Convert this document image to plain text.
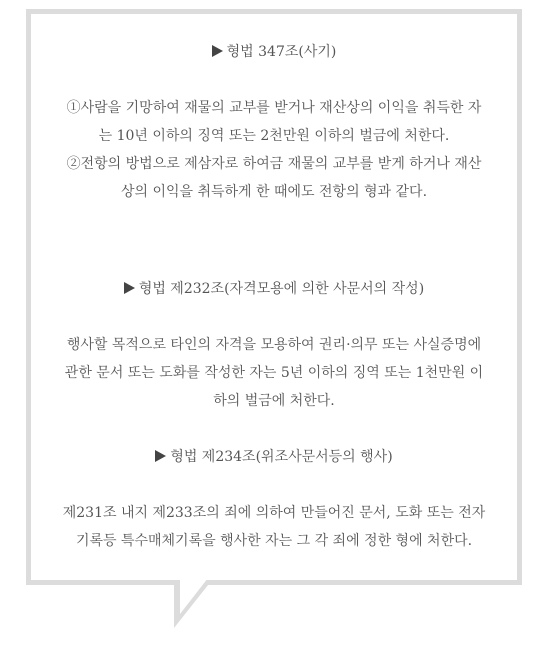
형법 347조(사기)

①사람을 기망하여 재물의 교부를 받거나 재산상의 이익을 취득한 자
는 10년 이하의 징역 또는 2천만원 이하의 벌금에 처한다.
②전항의 방법으로 제삼자로 하여금 재물의 교부를 받게 하거나 재산
상의 이익을 취득하게 한 때에도 전항의 형과 같다.

형법 제232조(자격모용에 의한 사문서의 작성)

행사할 목적으로 타인의 자격을 모용하여 권리·의무 또는 사실증명에
관한 문서 또는 도화를 작성한 자는 5년 이하의 징역 또는 1천만원 이
하의 벌금에 처한다.

형법 제234조(위조사문서등의 행사)

제231조 내지 제233조의 죄에 의하여 만들어진 문서, 도화 또는 전자
기록등 특수매체기록을 행사한 자는 그 각 죄에 정한 형에 처한다.
